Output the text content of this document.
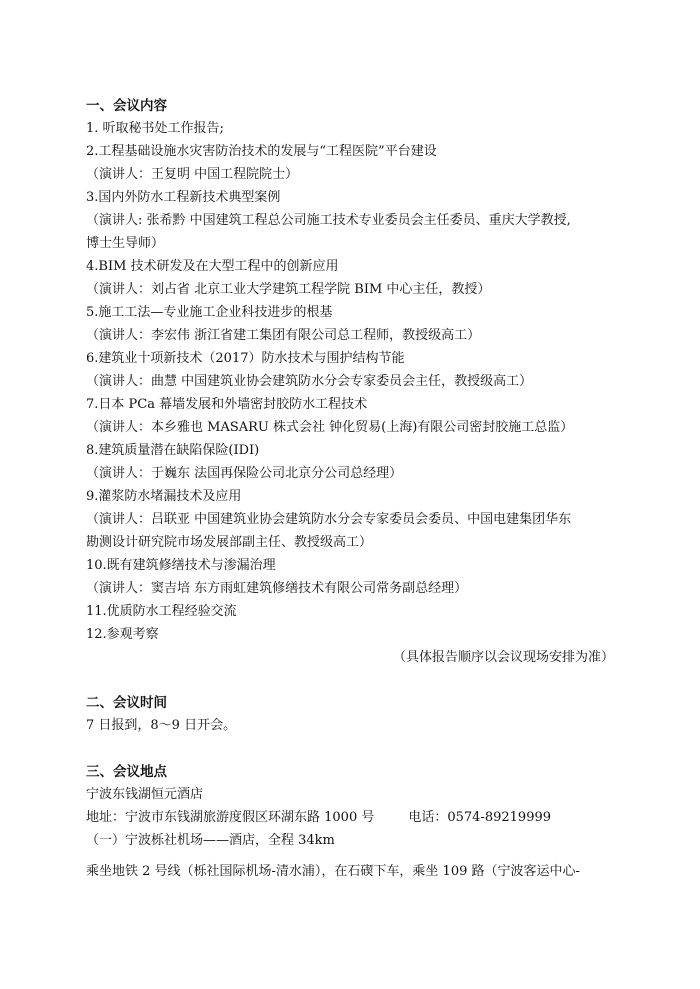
一、会议内容
1. 听取秘书处工作报告;
2.工程基础设施水灾害防治技术的发展与“工程医院”平台建设
（演讲人：王复明 中国工程院院士）
3.国内外防水工程新技术典型案例
（演讲人: 张希黔 中国建筑工程总公司施工技术专业委员会主任委员、重庆大学教授,
博士生导师）
4.BIM 技术研发及在大型工程中的创新应用
（演讲人：刘占省 北京工业大学建筑工程学院 BIM 中心主任，教授）
5.施工工法—专业施工企业科技进步的根基
（演讲人：李宏伟 浙江省建工集团有限公司总工程师，教授级高工）
6.建筑业十项新技术（2017）防水技术与围护结构节能
（演讲人：曲慧 中国建筑业协会建筑防水分会专家委员会主任，教授级高工）
7.日本 PCa 幕墙发展和外墙密封胶防水工程技术
（演讲人：本乡雅也 MASARU 株式会社 钟化贸易(上海)有限公司密封胶施工总监）
8.建筑质量潜在缺陷保险(IDI)
（演讲人：于巍东 法国再保险公司北京分公司总经理）
9.灌浆防水堵漏技术及应用
（演讲人：吕联亚 中国建筑业协会建筑防水分会专家委员会委员、中国电建集团华东
勘测设计研究院市场发展部副主任、教授级高工）
10.既有建筑修缮技术与渗漏治理
（演讲人：窦吉培 东方雨虹建筑修缮技术有限公司常务副总经理）
11.优质防水工程经验交流
12.参观考察
（具体报告顺序以会议现场安排为准）
二、会议时间
7 日报到，8～9 日开会。
三、会议地点
宁波东钱湖恒元酒店
地址：宁波市东钱湖旅游度假区环湖东路 1000 号	电话：0574-89219999
（一）宁波栎社机场——酒店，全程 34km
乘坐地铁 2 号线（栎社国际机场-清水浦），在石碶下车，乘坐 109 路（宁波客运中心-
